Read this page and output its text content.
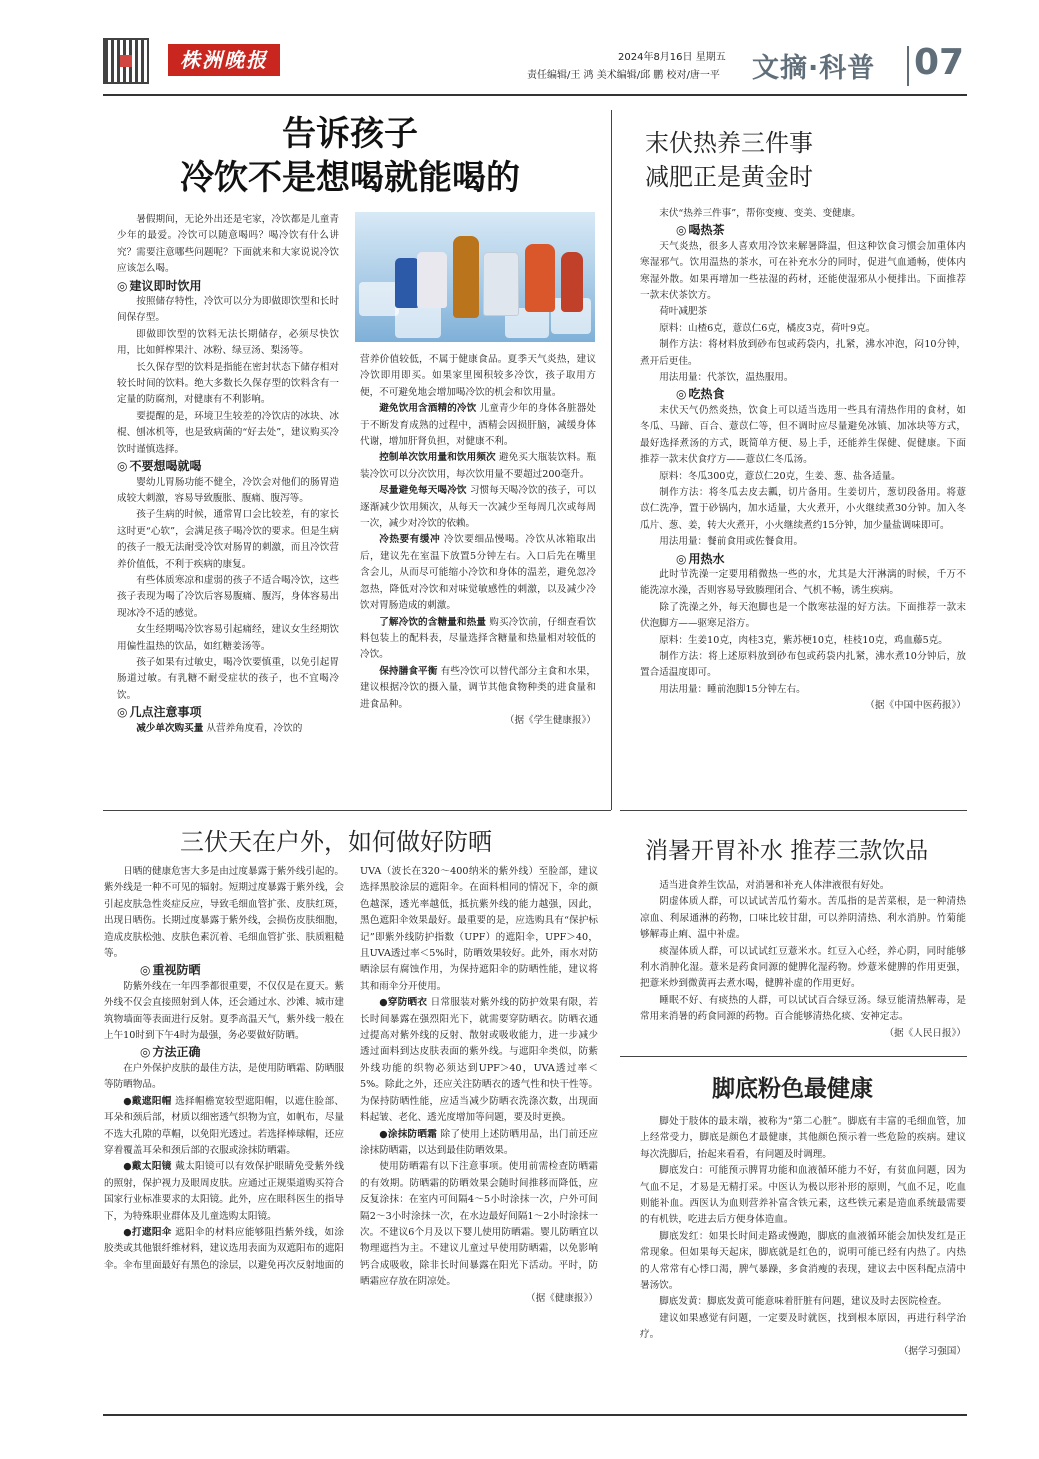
株洲晚报	2024年8月16日 星期五
责任编辑/王 鸿 美术编辑/邱 鹏 校对/唐一平 文摘·科普 07
告诉孩子
冷饮不是想喝就能喝的

暑假期间，无论外出还是宅家，冷饮都是儿童青少年的最爱。冷饮可以随意喝吗？喝冷饮有什么讲究？需要注意哪些问题呢？下面就来和大家说说冷饮应该怎么喝。

◎ 建议即时饮用

按照储存特性，冷饮可以分为即做即饮型和长时间保存型。

即做即饮型的饮料无法长期储存，必须尽快饮用，比如鲜榨果汁、冰粉、绿豆汤、梨汤等。

长久保存型的饮料是指能在密封状态下储存相对较长时间的饮料。绝大多数长久保存型的饮料含有一定量的防腐剂，对健康有不利影响。

要提醒的是，环境卫生较差的冷饮店的冰块、冰棍、刨冰机等，也是致病菌的“好去处”，建议购买冷饮时谨慎选择。

◎ 不要想喝就喝

婴幼儿胃肠功能不健全，冷饮会对他们的肠胃造成较大刺激，容易导致腹胀、腹痛、腹泻等。

孩子生病的时候，通常胃口会比较差，有的家长这时更“心软”，会满足孩子喝冷饮的要求。但是生病的孩子一般无法耐受冷饮对肠胃的刺激，而且冷饮营养价值低，不利于疾病的康复。

有些体质寒凉和虚弱的孩子不适合喝冷饮，这些孩子表现为喝了冷饮后容易腹痛、腹泻，身体容易出现冰冷不适的感觉。

女生经期喝冷饮容易引起痛经，建议女生经期饮用偏性温热的饮品，如红糖姜汤等。

孩子如果有过敏史，喝冷饮要慎重，以免引起胃肠道过敏。有乳糖不耐受症状的孩子，也不宜喝冷饮。

◎ 几点注意事项

减少单次购买量 从营养角度看，冷饮的

营养价值较低，不属于健康食品。夏季天气炎热，建议冷饮即用即买。如果家里囤积较多冷饮，孩子取用方便，不可避免地会增加喝冷饮的机会和饮用量。

避免饮用含酒精的冷饮 儿童青少年的身体各脏器处于不断发育成熟的过程中，酒精会因损肝脑，减缓身体代谢，增加肝肾负担，对健康不利。

控制单次饮用量和饮用频次 避免买大瓶装饮料。瓶装冷饮可以分次饮用，每次饮用量不要超过200毫升。

尽量避免每天喝冷饮 习惯每天喝冷饮的孩子，可以逐渐减少饮用频次，从每天一次减少至每周几次或每周一次，减少对冷饮的依赖。

冷热要有缓冲 冷饮要细品慢喝。冷饮从冰箱取出后，建议先在室温下放置5分钟左右。入口后先在嘴里含会儿，从而尽可能缩小冷饮和身体的温差，避免忽冷忽热，降低对冷饮和对味觉敏感性的刺激，以及减少冷饮对胃肠造成的刺激。

了解冷饮的含糖量和热量 购买冷饮前，仔细查看饮料包装上的配料表，尽量选择含糖量和热量相对较低的冷饮。

保持膳食平衡 有些冷饮可以替代部分主食和水果，建议根据冷饮的摄入量，调节其他食物种类的进食量和进食品种。

（据《学生健康报》）

末伏热养三件事
减肥正是黄金时

末伏“热养三件事”，帮你变瘦、变美、变健康。

◎ 喝热茶

天气炎热，很多人喜欢用冷饮来解暑降温，但这种饮食习惯会加重体内寒湿邪气。饮用温热的茶水，可在补充水分的同时，促进气血通畅，使体内寒湿外散。如果再增加一些祛湿的药材，还能使湿邪从小便排出。下面推荐一款末伏茶饮方。

荷叶减肥茶

原料：山楂6克，薏苡仁6克，橘皮3克，荷叶9克。

制作方法：将材料放到砂布包或药袋内，扎紧，沸水冲泡，闷10分钟，煮开后更佳。

用法用量：代茶饮，温热服用。

◎ 吃热食

末伏天气仍然炎热，饮食上可以适当选用一些具有清热作用的食材，如冬瓜、马蹄、百合、薏苡仁等，但不调时应尽量避免冰镇、加冰块等方式，最好选择煮汤的方式，既简单方便、易上手，还能养生保健、促健康。下面推荐一款末伏食疗方——薏苡仁冬瓜汤。

原料：冬瓜300克，薏苡仁20克，生姜、葱、盐各适量。

制作方法：将冬瓜去皮去瓤，切片备用。生姜切片，葱切段备用。将薏苡仁洗净，置于砂锅内，加水适量，大火煮开，小火继续煮30分钟。加入冬瓜片、葱、姜，转大火煮开，小火继续煮约15分钟，加少量盐调味即可。

用法用量：餐前食用或佐餐食用。

◎ 用热水

此时节洗澡一定要用稍微热一些的水，尤其是大汗淋漓的时候，千万不能洗凉水澡，否则容易导致腠理闭合、气机不畅，诱生疾病。

除了洗澡之外，每天泡脚也是一个散寒祛湿的好方法。下面推荐一款末伏泡脚方——驱寒足浴方。

原料：生姜10克，肉桂3克，紫苏梗10克，桂枝10克，鸡血藤5克。

制作方法：将上述原料放到砂布包或药袋内扎紧，沸水煮10分钟后，放置合适温度即可。

用法用量：睡前泡脚15分钟左右。

（据《中国中医药报》）

三伏天在户外，如何做好防晒

日晒的健康危害大多是由过度暴露于紫外线引起的。紫外线是一种不可见的辐射。短期过度暴露于紫外线，会引起皮肤急性炎症反应，导致毛细血管扩张、皮肤红斑，出现日晒伤。长期过度暴露于紫外线，会损伤皮肤细胞，造成皮肤松弛、皮肤色素沉着、毛细血管扩张、肤质粗糙等。

◎ 重视防晒

防紫外线在一年四季都很重要，不仅仅是在夏天。紫外线不仅会直接照射到人体，还会通过水、沙滩、城市建筑物墙面等表面进行反射。夏季高温天气，紫外线一般在上午10时到下午4时为最强，务必要做好防晒。

◎ 方法正确

在户外保护皮肤的最佳方法，是使用防晒霜、防晒服等防晒物品。

●戴遮阳帽 选择帽檐宽较型遮阳帽，以遮住脸部、耳朵和颈后部，材质以细密透气织物为宜，如帆布，尽量不选大孔隙的草帽，以免阳光透过。若选择棒球帽，还应穿着覆盖耳朵和颈后部的衣服或涂抹防晒霜。

●戴太阳镜 戴太阳镜可以有效保护眼睛免受紫外线的照射，保护视力及眼周皮肤。应通过正规渠道购买符合国家行业标准要求的太阳镜。此外，应在眼科医生的指导下，为特殊职业群体及儿童选购太阳镜。

●打遮阳伞 遮阳伞的材料应能够阻挡紫外线，如涂胶类或其他银纤维材料，建议选用表面为双遮阳布的遮阳伞。伞布里面最好有黑色的涂层，以避免再次反射地面的

UVA（波长在320～400纳米的紫外线）至脸部，建议选择黑胶涂层的遮阳伞。在面料相同的情况下，伞的颜色越深，透光率越低，抵抗紫外线的能力越强，因此，黑色遮阳伞效果最好。最重要的是，应选购具有“保护标记”即紫外线防护指数（UPF）的遮阳伞，UPF＞40，且UVA透过率＜5%时，防晒效果较好。此外，雨水对防晒涂层有腐蚀作用，为保持遮阳伞的防晒性能，建议将其和雨伞分开使用。

●穿防晒衣 日常服装对紫外线的防护效果有限，若长时间暴露在强烈阳光下，就需要穿防晒衣。防晒衣通过提高对紫外线的反射、散射或吸收能力，进一步减少透过面料到达皮肤表面的紫外线。与遮阳伞类似，防紫外线功能的织物必须达到UPF＞40，UVA透过率＜5%。除此之外，还应关注防晒衣的透气性和快干性等。为保持防晒性能，应适当减少防晒衣洗涤次数，出现面料起皱、老化、透光度增加等问题，要及时更换。

●涂抹防晒霜 除了使用上述防晒用品，出门前还应涂抹防晒霜，以达到最佳防晒效果。

使用防晒霜有以下注意事项。使用前需检查防晒霜的有效期。防晒霜的防晒效果会随时间推移而降低，应反复涂抹：在室内可间隔4～5小时涂抹一次，户外可间隔2～3小时涂抹一次，在水边最好间隔1～2小时涂抹一次。不建议6个月及以下婴儿使用防晒霜。婴儿防晒宜以物理遮挡为主。不建议儿童过早使用防晒霜，以免影响钙合成吸收，除非长时间暴露在阳光下活动。平时，防晒霜应存放在阴凉处。

（据《健康报》）

消暑开胃补水 推荐三款饮品

适当进食养生饮品，对消暑和补充人体津液很有好处。

阴虚体质人群，可以试试苦瓜竹菊水。苦瓜指的是苦菜根，是一种清热凉血、利尿通淋的药物，口味比较甘甜，可以养阴清热、利水消肿。竹菊能够解毒止痢、温中补虚。

痰湿体质人群，可以试试红豆薏米水。红豆入心经，养心阴，同时能够利水消肿化湿。薏米是药食同源的健脾化湿药物。炒薏米健脾的作用更强，把薏米炒到微黄再去煮水喝，健脾补虚的作用更好。

睡眠不好、有痰热的人群，可以试试百合绿豆汤。绿豆能清热解毒，是常用来消暑的药食同源的药物。百合能够清热化痰、安神定志。

（据《人民日报》）

脚底粉色最健康

脚处于肢体的最末端，被称为“第二心脏”。脚底有丰富的毛细血管，加上经常受力，脚底是颜色才最健康，其他颜色预示着一些危险的疾病。建议每次洗脚后，抬起来看看，有问题及时调理。

脚底发白：可能预示脾胃功能和血液循环能力不好，有贫血问题，因为气血不足，才易是无精打采。中医认为极以形补形的原则，气血不足，吃血则能补血。西医认为血则营养补富含铁元素，这些铁元素是造血系统最需要的有机铁，吃进去后方便身体造血。

脚底发红：如果长时间走路或慢跑，脚底的血液循环能会加快发红是正常现象。但如果每天起床，脚底就是红色的，说明可能已经有内热了。内热的人常常有心悸口渴，脾气暴躁，多食消瘦的表现，建议去中医科配点清中暑汤饮。

脚底发黄：脚底发黄可能意味着肝脏有问题，建议及时去医院检查。

建议如果感觉有问题，一定要及时就医，找到根本原因，再进行科学治疗。

（据学习强国）
